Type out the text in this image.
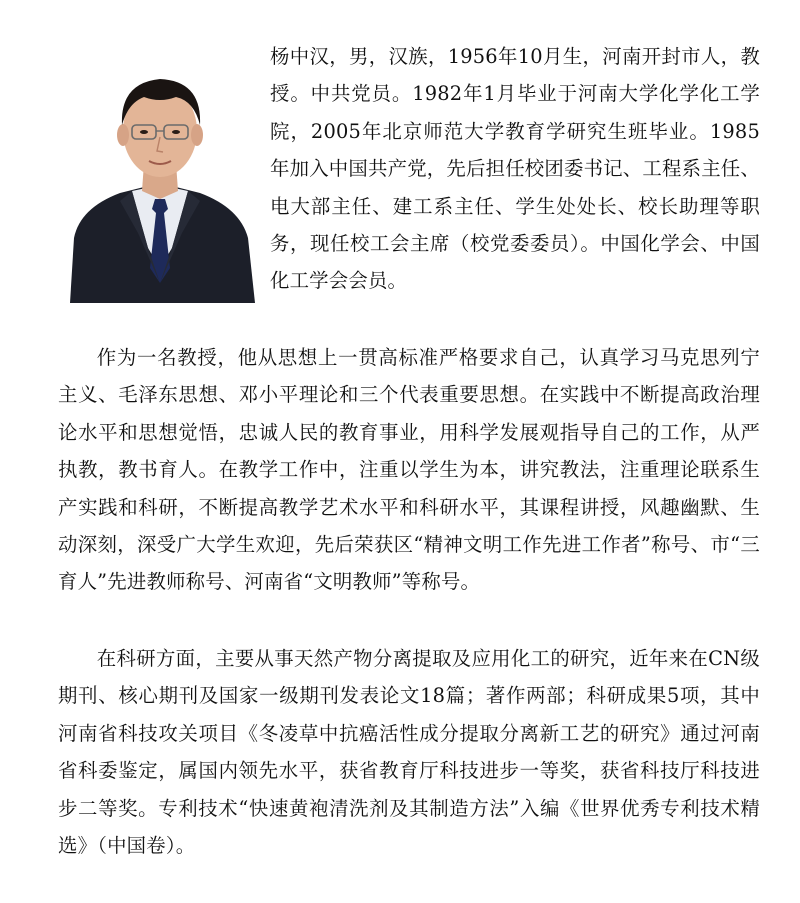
杨中汉，男，汉族，1956年10月生，河南开封市人，教授。中共党员。1982年1月毕业于河南大学化学化工学院，2005年北京师范大学教育学研究生班毕业。1985年加入中国共产党，先后担任校团委书记、工程系主任、电大部主任、建工系主任、学生处处长、校长助理等职务，现任校工会主席（校党委委员）。中国化学会、中国化工学会会员。

作为一名教授，他从思想上一贯高标准严格要求自己，认真学习马克思列宁主义、毛泽东思想、邓小平理论和三个代表重要思想。在实践中不断提高政治理论水平和思想觉悟，忠诚人民的教育事业，用科学发展观指导自己的工作，从严执教，教书育人。在教学工作中，注重以学生为本，讲究教法，注重理论联系生产实践和科研，不断提高教学艺术水平和科研水平，其课程讲授，风趣幽默、生动深刻，深受广大学生欢迎，先后荣获区“精神文明工作先进工作者”称号、市“三育人”先进教师称号、河南省“文明教师”等称号。

在科研方面，主要从事天然产物分离提取及应用化工的研究，近年来在CN级期刊、核心期刊及国家一级期刊发表论文18篇；著作两部；科研成果5项，其中河南省科技攻关项目《冬凌草中抗癌活性成分提取分离新工艺的研究》通过河南省科委鉴定，属国内领先水平，获省教育厅科技进步一等奖，获省科技厅科技进步二等奖。专利技术“快速黄袍清洗剂及其制造方法”入编《世界优秀专利技术精选》（中国卷）。
